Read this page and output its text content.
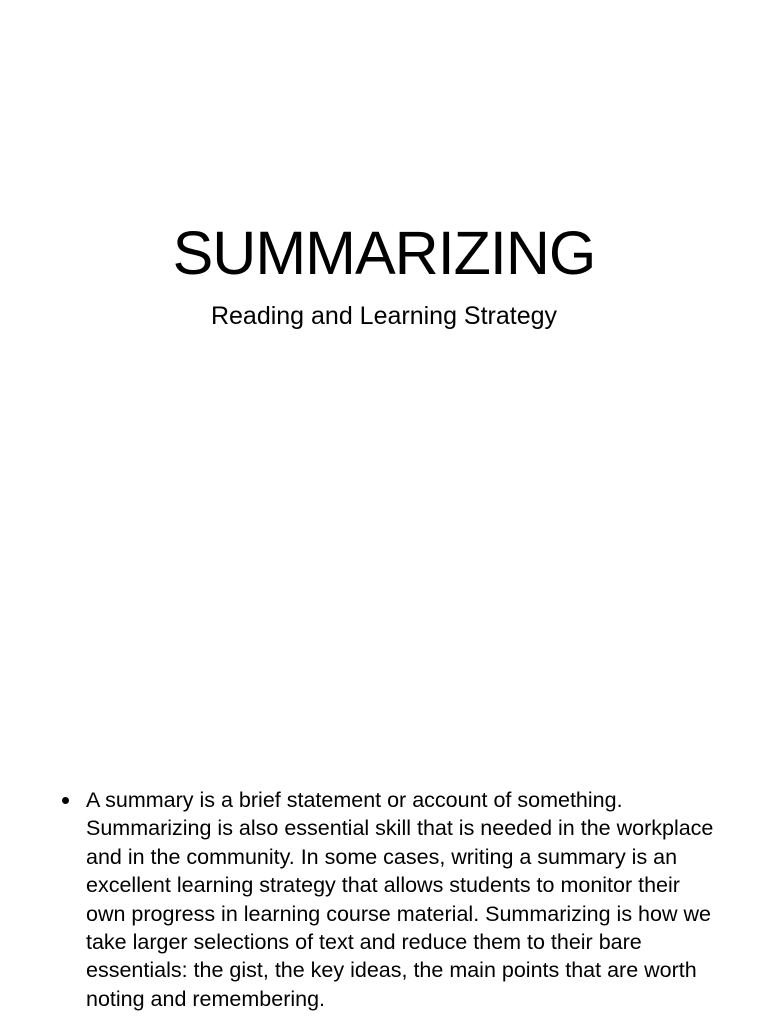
SUMMARIZING
Reading and Learning Strategy
A summary is a brief statement or account of something. Summarizing is also essential skill that is needed in the workplace and in the community. In some cases, writing a summary is an excellent learning strategy that allows students to monitor their own progress in learning course material. Summarizing is how we take larger selections of text and reduce them to their bare essentials: the gist, the key ideas, the main points that are worth noting and remembering.
